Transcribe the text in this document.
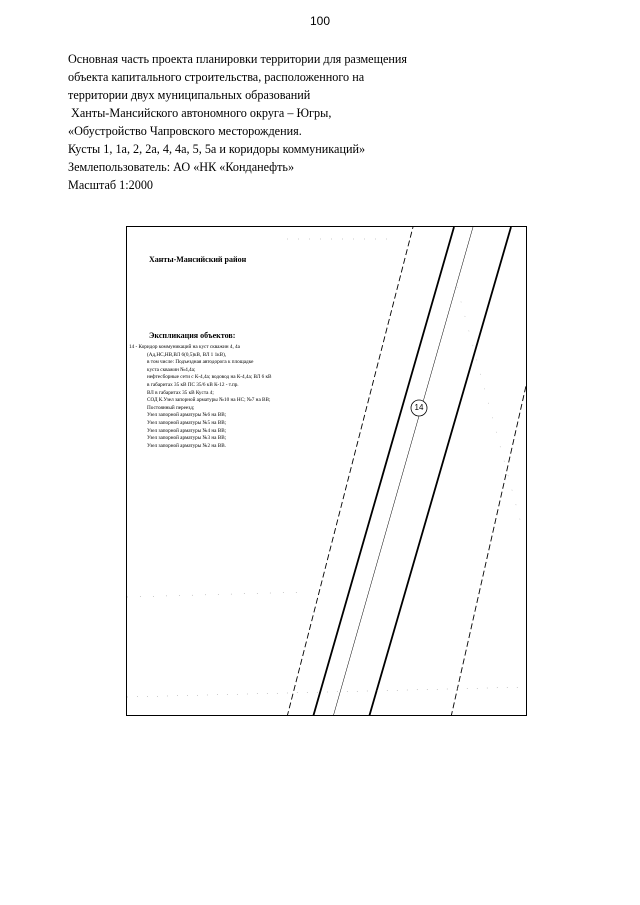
100
Основная часть проекта планировки территории для размещения
объекта капитального строительства, расположенного на
территории двух муниципальных образований
Ханты-Мансийского автономного округа – Югры,
«Обустройство Чапровского месторождения.
Кусты 1, 1а, 2, 2а, 4, 4а, 5, 5а и коридоры коммуникаций»
Землепользователь: АО «НК «Конданефть»
Масштаб 1:2000
Ханты-Мансийский район
Экспликация объектов:
14 - Коридор коммуникаций на куст скважин 4, 4а
(Ад,НС,НВ,ВЛ 6(0,5)кВ, ВЛ 1 1кВ),
в том числе: Подъездная автодорога к площадке
куста скважин №4,4а;
нефтесборные сети с К-4,4а; водовод на К-4,4а; ВЛ 6 кВ
в габаритах 35 кВ ПС 35/6 кВ К-12 - т.пр.
ВЛ в габаритах 35 кВ Куста 4;
СОД К.Узел запорной арматуры №10 на НС; №7 на ВВ;
Постоянный переезд;
Узел запорной арматуры №6 на ВВ;
Узел запорной арматуры №5 на ВВ;
Узел запорной арматуры №4 на ВВ;
Узел запорной арматуры №3 на ВВ;
Узел запорной арматуры №2 на ВВ.
14
